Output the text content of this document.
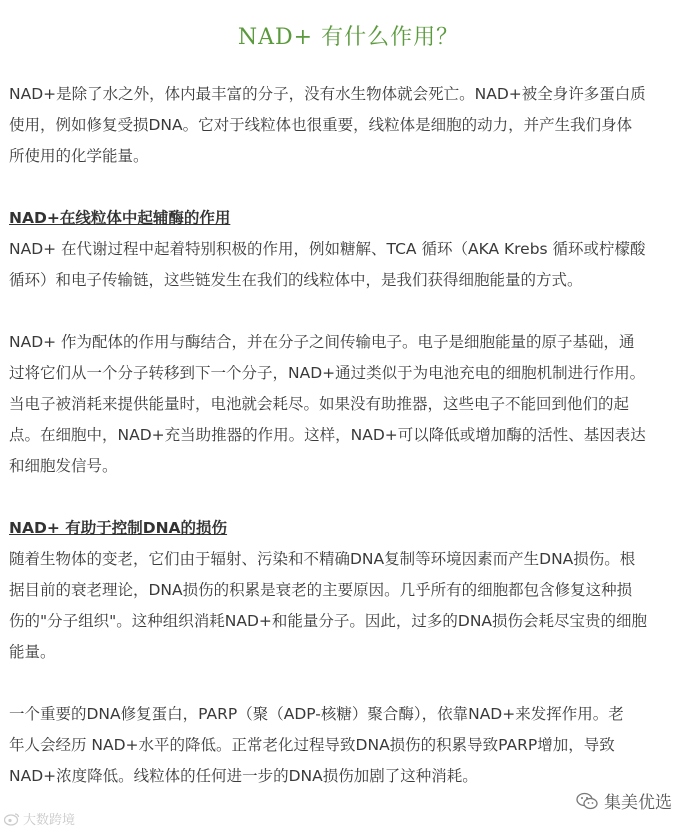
NAD+ 有什么作用？
NAD+是除了水之外，体内最丰富的分子，没有水生物体就会死亡。NAD+被全身许多蛋白质
使用，例如修复受损DNA。它对于线粒体也很重要，线粒体是细胞的动力，并产生我们身体
所使用的化学能量。
NAD+在线粒体中起辅酶的作用
NAD+ 在代谢过程中起着特别积极的作用，例如糖解、TCA 循环（AKA Krebs 循环或柠檬酸
循环）和电子传输链，这些链发生在我们的线粒体中，是我们获得细胞能量的方式。
NAD+ 作为配体的作用与酶结合，并在分子之间传输电子。电子是细胞能量的原子基础，通
过将它们从一个分子转移到下一个分子，NAD+通过类似于为电池充电的细胞机制进行作用。
当电子被消耗来提供能量时，电池就会耗尽。如果没有助推器，这些电子不能回到他们的起
点。在细胞中，NAD+充当助推器的作用。这样，NAD+可以降低或增加酶的活性、基因表达
和细胞发信号。
NAD+ 有助于控制DNA的损伤
随着生物体的变老，它们由于辐射、污染和不精确DNA复制等环境因素而产生DNA损伤。根
据目前的衰老理论，DNA损伤的积累是衰老的主要原因。几乎所有的细胞都包含修复这种损
伤的"分子组织"。这种组织消耗NAD+和能量分子。因此，过多的DNA损伤会耗尽宝贵的细胞
能量。
一个重要的DNA修复蛋白，PARP（聚（ADP-核糖）聚合酶），依靠NAD+来发挥作用。老
年人会经历 NAD+水平的降低。正常老化过程导致DNA损伤的积累导致PARP增加，导致
NAD+浓度降低。线粒体的任何进一步的DNA损伤加剧了这种消耗。
大数跨境
集美优选
